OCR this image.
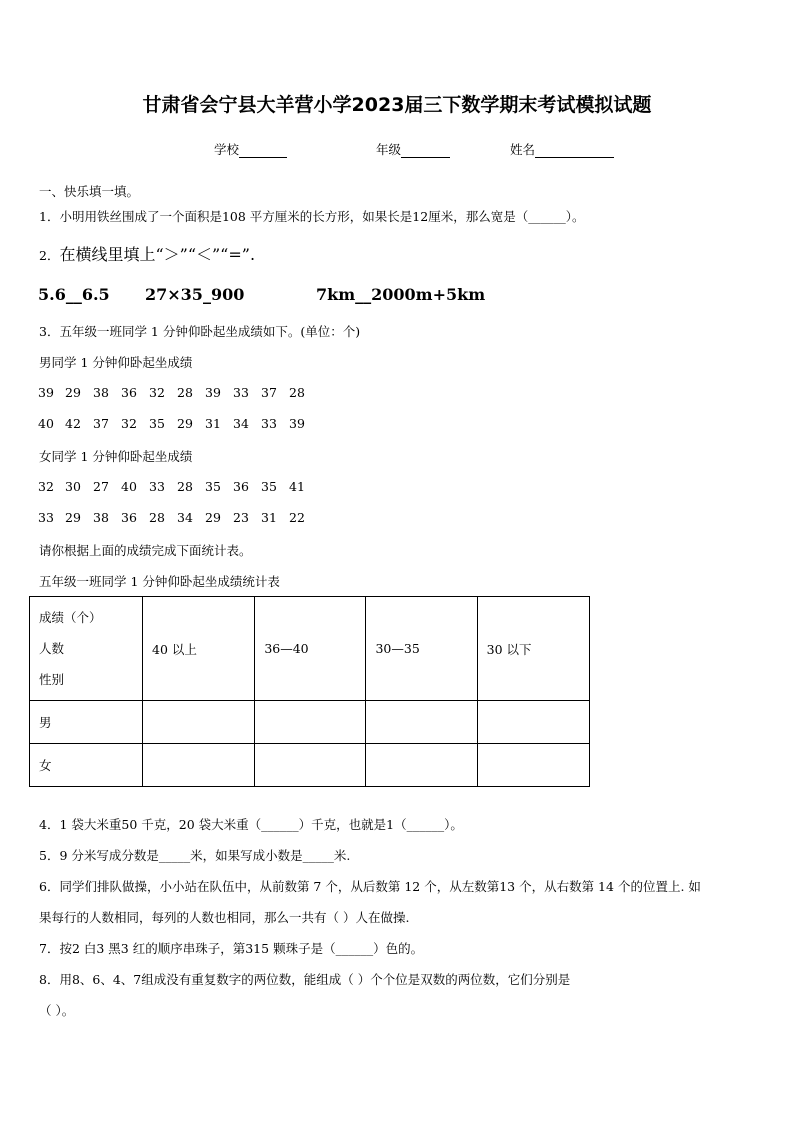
甘肃省会宁县大羊营小学2023届三下数学期末考试模拟试题
学校	年级	姓名
一、快乐填一填。
1．小明用铁丝围成了一个面积是108 平方厘米的长方形，如果长是12厘米，那么宽是（______）。
2．在横线里填上“＞”“＜”“=”.
5.6__6.5 27×35_900	7km__2000m+5km
3．五年级一班同学 1 分钟仰卧起坐成绩如下。(单位：个)
男同学 1 分钟仰卧起坐成绩
39 29 38 36 32 28 39 33 37 28
40 42 37 32 35 29 31 34 33 39
女同学 1 分钟仰卧起坐成绩
32 30 27 40 33 28 35 36 35 41
33 29 38 36 28 34 29 23 31 22
请你根据上面的成绩完成下面统计表。
五年级一班同学 1 分钟仰卧起坐成绩统计表
成绩（个）
人数
性别	40 以上	36—40	30—35	30 以下
男				
女				
4．1 袋大米重50 千克，20 袋大米重（______）千克，也就是1（______）。
5．9 分米写成分数是_____米，如果写成小数是_____米.
6．同学们排队做操，小小站在队伍中，从前数第 7 个，从后数第 12 个，从左数第13 个，从右数第 14 个的位置上. 如
果每行的人数相同，每列的人数也相同，那么一共有（ ）人在做操.
7．按2 白3 黑3 红的顺序串珠子，第315 颗珠子是（______）色的。
8．用8、6、4、7组成没有重复数字的两位数，能组成（ ）个个位是双数的两位数，它们分别是
（ ）。
